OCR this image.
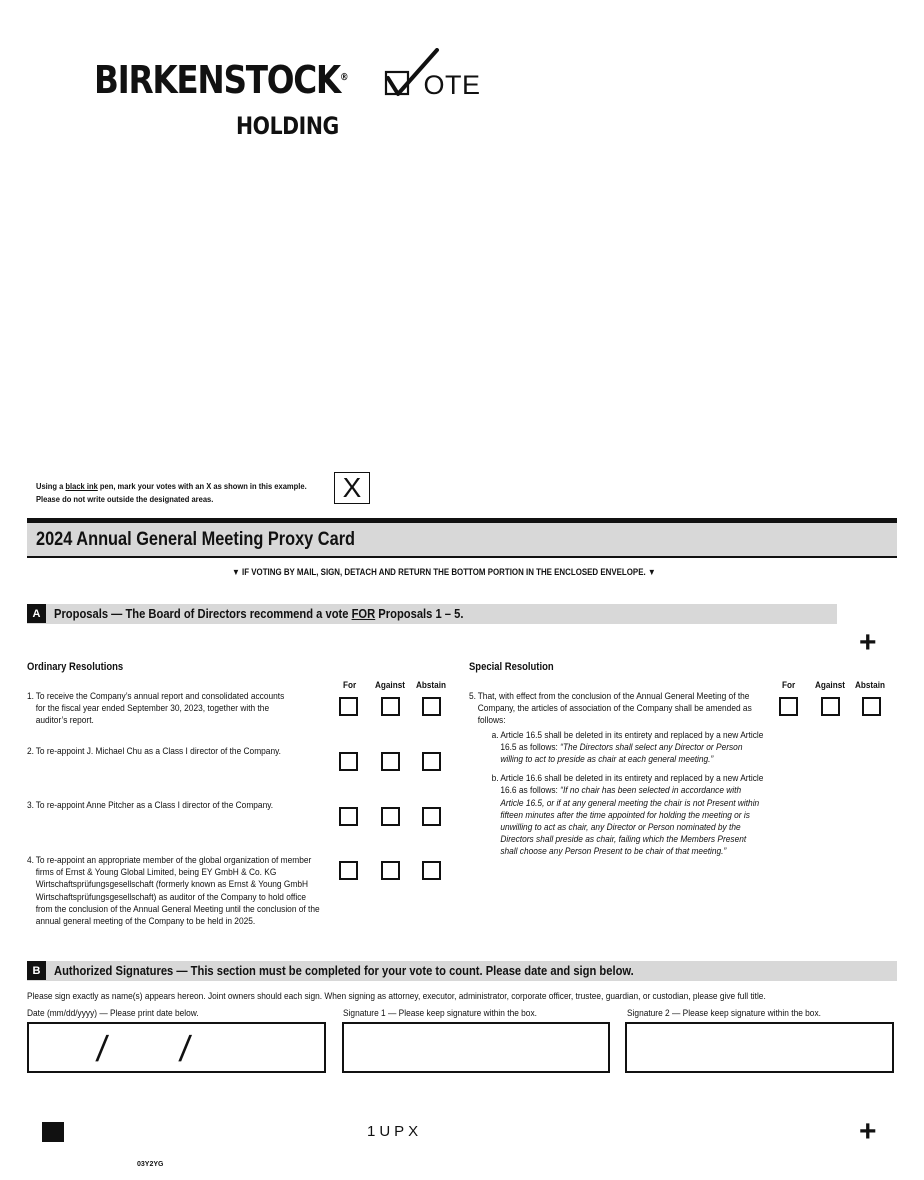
BIRKENSTOCK®
HOLDING
OTE
Using a black ink pen, mark your votes with an X as shown in this example.
Please do not write outside the designated areas.	X
2024 Annual General Meeting Proxy Card
▼ IF VOTING BY MAIL, SIGN, DETACH AND RETURN THE BOTTOM PORTION IN THE ENCLOSED ENVELOPE. ▼
A	Proposals — The Board of Directors recommend a vote FOR Proposals 1 – 5.
+
Ordinary Resolutions	Special Resolution
For Against Abstain	For Against Abstain
1. To receive the Company’s annual report and consolidated accounts for the fiscal year ended September 30, 2023, together with the auditor’s report.
2. To re-appoint J. Michael Chu as a Class I director of the Company.
3. To re-appoint Anne Pitcher as a Class I director of the Company.
4. To re-appoint an appropriate member of the global organization of member firms of Ernst & Young Global Limited, being EY GmbH & Co. KG Wirtschaftsprüfungsgesellschaft (formerly known as Ernst & Young GmbH Wirtschaftsprüfungsgesellschaft) as auditor of the Company to hold office from the conclusion of the Annual General Meeting until the conclusion of the annual general meeting of the Company to be held in 2025.
5. That, with effect from the conclusion of the Annual General Meeting of the Company, the articles of association of the Company shall be amended as follows:
a. Article 16.5 shall be deleted in its entirety and replaced by a new Article 16.5 as follows: “The Directors shall select any Director or Person willing to act to preside as chair at each general meeting.”
b. Article 16.6 shall be deleted in its entirety and replaced by a new Article 16.6 as follows: “If no chair has been selected in accordance with Article 16.5, or if at any general meeting the chair is not Present within fifteen minutes after the time appointed for holding the meeting or is unwilling to act as chair, any Director or Person nominated by the Directors shall preside as chair, failing which the Members Present shall choose any Person Present to be chair of that meeting.”
B	Authorized Signatures — This section must be completed for your vote to count. Please date and sign below.
Please sign exactly as name(s) appears hereon. Joint owners should each sign. When signing as attorney, executor, administrator, corporate officer, trustee, guardian, or custodian, please give full title.
Date (mm/dd/yyyy) — Please print date below.	Signature 1 — Please keep signature within the box.	Signature 2 — Please keep signature within the box.
/ /
1UPX	+
03Y2YG
